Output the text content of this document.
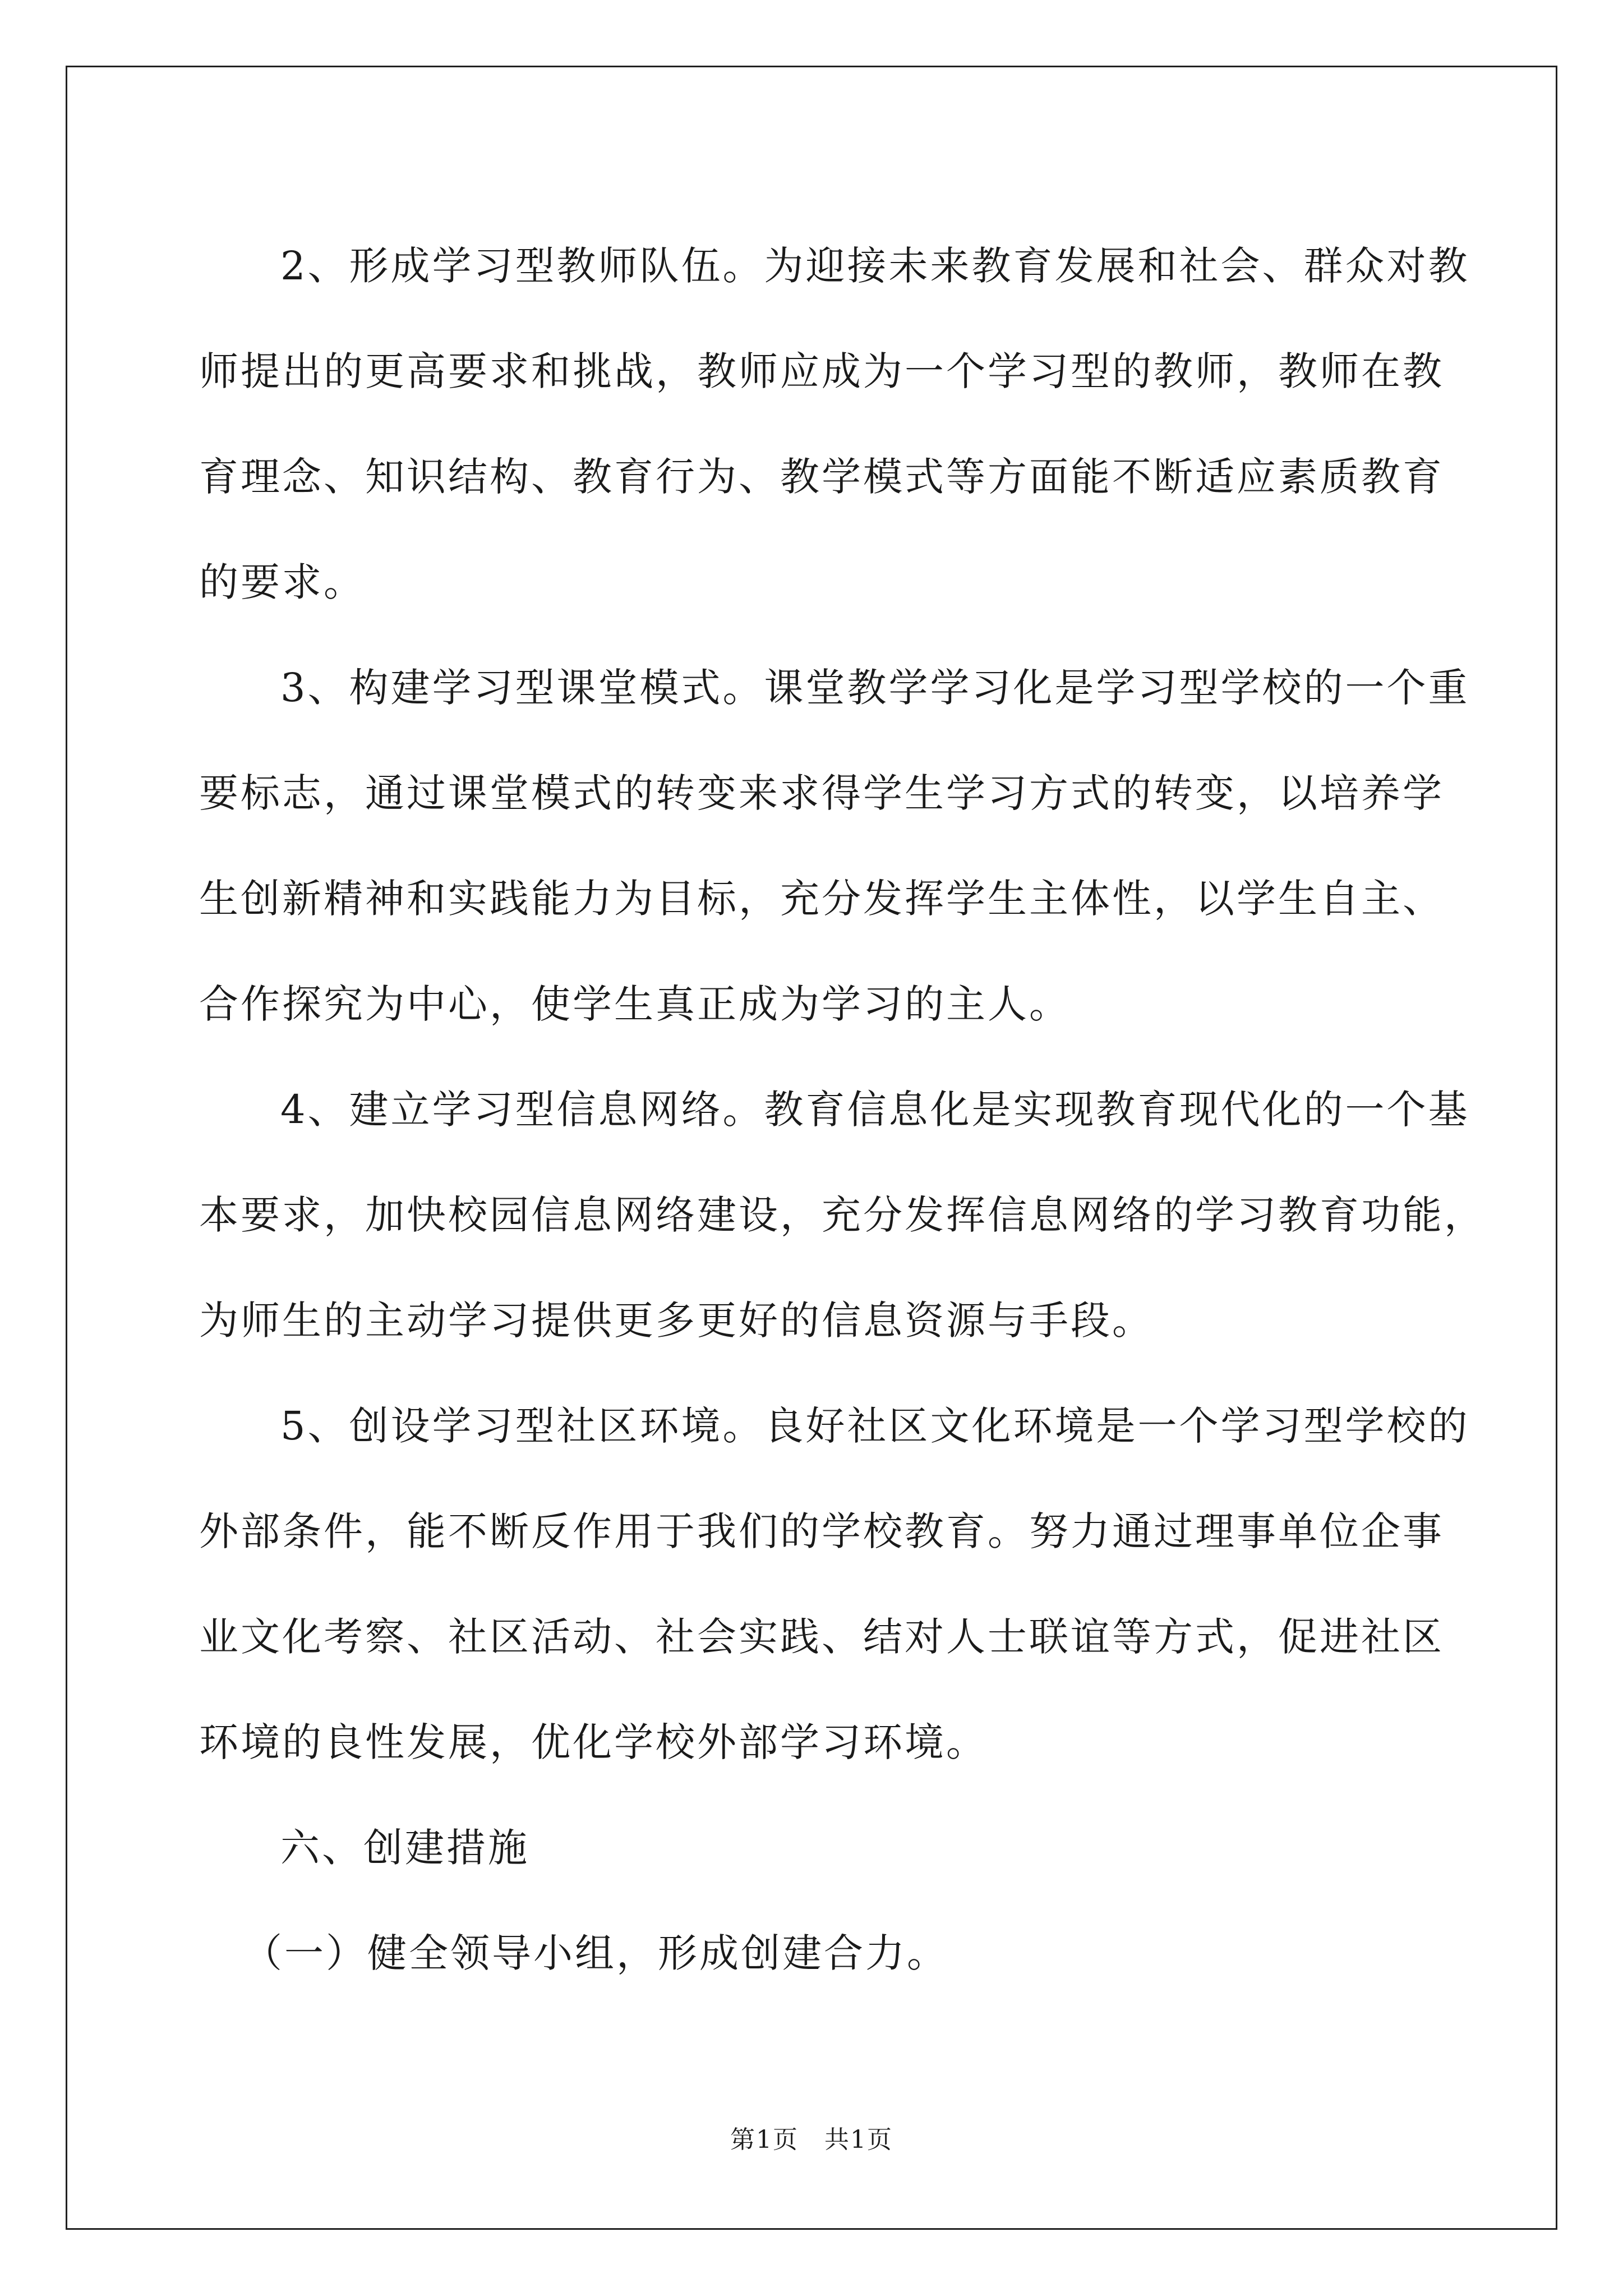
2、形成学习型教师队伍。为迎接未来教育发展和社会、群众对教
师提出的更高要求和挑战，教师应成为一个学习型的教师，教师在教
育理念、知识结构、教育行为、教学模式等方面能不断适应素质教育
的要求。
3、构建学习型课堂模式。课堂教学学习化是学习型学校的一个重
要标志，通过课堂模式的转变来求得学生学习方式的转变，以培养学
生创新精神和实践能力为目标，充分发挥学生主体性，以学生自主、
合作探究为中心，使学生真正成为学习的主人。
4、建立学习型信息网络。教育信息化是实现教育现代化的一个基
本要求，加快校园信息网络建设，充分发挥信息网络的学习教育功能，
为师生的主动学习提供更多更好的信息资源与手段。
5、创设学习型社区环境。良好社区文化环境是一个学习型学校的
外部条件，能不断反作用于我们的学校教育。努力通过理事单位企事
业文化考察、社区活动、社会实践、结对人士联谊等方式，促进社区
环境的良性发展，优化学校外部学习环境。
六、创建措施
（一）健全领导小组，形成创建合力。
第1页　共1页
